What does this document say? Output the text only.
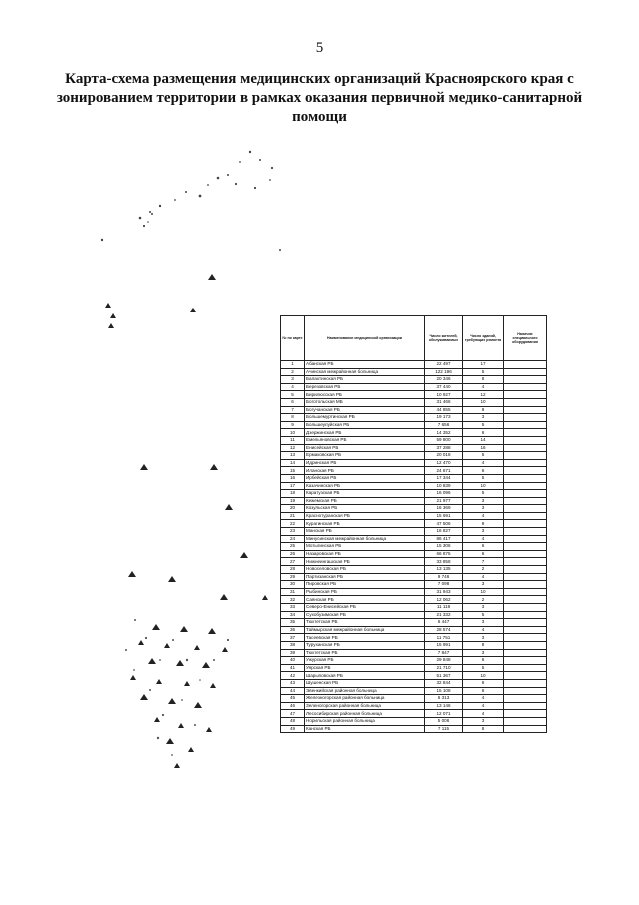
5
Карта-схема размещения медицинских организаций Красноярского края с зонированием территории в рамках оказания первичной медико-санитарной помощи
№ по карте	Наименование медицинской организации	Число жителей, обслуживаемых	Число зданий, требующих ремонта	Наличие специального оборудования
1	Абанская РБ	22 497	17	
2	Ачинская межрайонная больница	122 196	5	
3	Балахтинская РБ	20 346	8	
4	Березовская РБ	37 440	4	
5	Бирилюсская РБ	10 927	12	
6	Боготольская МБ	31 466	10	
7	Богучанская РБ	44 855	8	
8	Большемуртинская РБ	19 173	3	
9	Большеулуйская РБ	7 656	5	
10	Дзержинская РБ	14 352	6	
11	Емельяновская РБ	59 800	14	
12	Енисейская РБ	37 288	16	
13	Ермаковская РБ	20 018	5	
14	Идринская РБ	12 470	4	
15	Иланская РБ	24 671	6	
16	Ирбейская РБ	17 344	5	
17	Казачинская РБ	10 839	10	
18	Каратузская РБ	16 096	5	
19	Кежемская РБ	21 977	3	
20	Козульская РБ	16 369	3	
21	Краснотуранская РБ	15 691	4	
22	Курагинская РБ	47 506	9	
23	Манская РБ	16 827	3	
24	Минусинская межрайонная больница	86 417	4	
25	Мотыгинская РБ	15 306	6	
26	Назаровская РБ	66 875	6	
27	Нижнеингашская РБ	33 858	7	
28	Новоселовская РБ	13 135	2	
29	Партизанская РБ	9 746	4	
30	Пировская РБ	7 098	3	
31	Рыбинская РБ	31 943	10	
32	Саянская РБ	12 062	2	
33	Северо-Енисейская РБ	11 119	3	
34	Сухобузимская РБ	21 332	5	
35	Тюхтетская РБ	6 447	3	
36	Таймырская межрайонная больница	28 574	4	
37	Тасеевская РБ	11 751	3	
38	Туруханская РБ	15 991	8	
39	Тюхтетская РБ	7 847	3	
40	Ужурская РБ	29 848	6	
41	Уярская РБ	21 710	5	
42	Шарыповская РБ	51 367	10	
43	Шушенская РБ	32 844	6	
44	Эвенкийская районная больница	15 108	6	
45	Железногорская районная больница	6 313	4	
46	Зеленогорская районная больница	13 146	4	
47	Лесосибирская районная больница	12 071	4	
48	Норильская районная больница	5 006	3	
49	Канская РБ	7 115	8	
